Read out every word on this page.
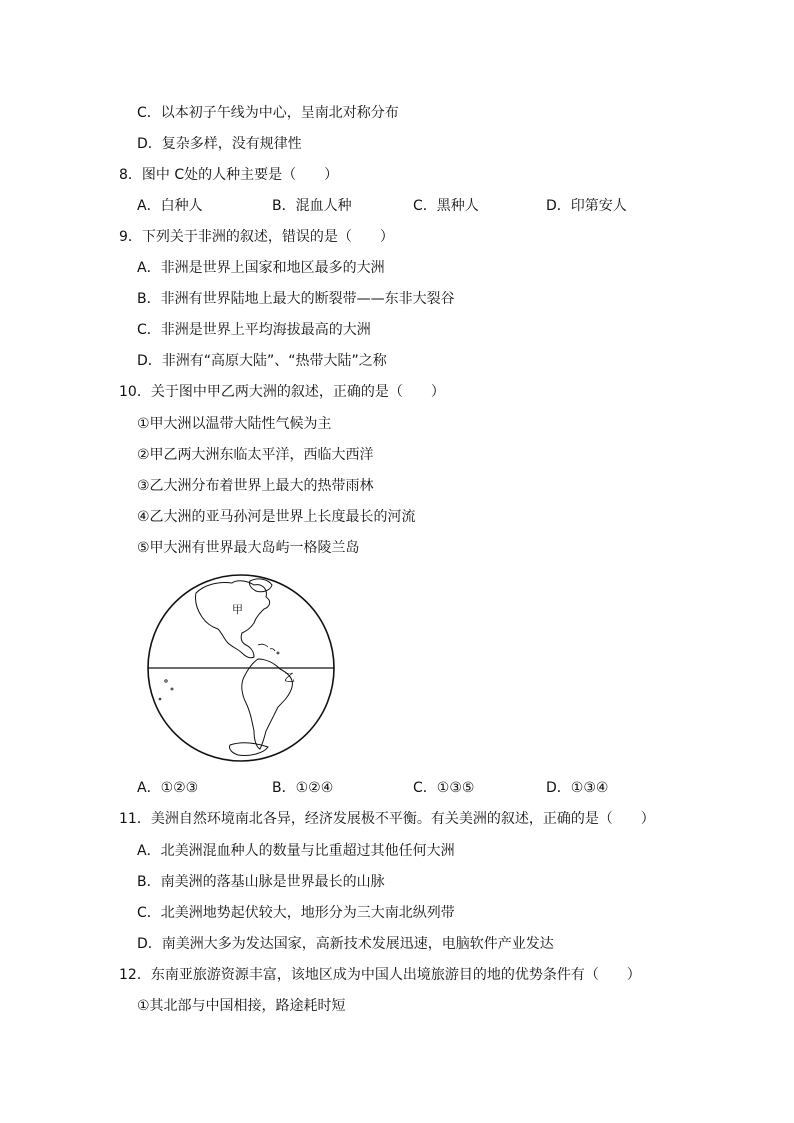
C．以本初子午线为中心，呈南北对称分布
D．复杂多样，没有规律性
8．图中 C处的人种主要是（　　）
A．白种人	B．混血人种	C．黑种人	D．印第安人
9．下列关于非洲的叙述，错误的是（　　）
A．非洲是世界上国家和地区最多的大洲
B．非洲有世界陆地上最大的断裂带——东非大裂谷
C．非洲是世界上平均海拔最高的大洲
D．非洲有“高原大陆”、“热带大陆”之称
10．关于图中甲乙两大洲的叙述，正确的是（　　）
①甲大洲以温带大陆性气候为主
②甲乙两大洲东临太平洋，西临大西洋
③乙大洲分布着世界上最大的热带雨林
④乙大洲的亚马孙河是世界上长度最长的河流
⑤甲大洲有世界最大岛屿一格陵兰岛
甲
乙
A．①②③	B．①②④	C．①③⑤	D．①③④
11．美洲自然环境南北各异，经济发展极不平衡。有关美洲的叙述，正确的是（　　）
A．北美洲混血种人的数量与比重超过其他任何大洲
B．南美洲的落基山脉是世界最长的山脉
C．北美洲地势起伏较大，地形分为三大南北纵列带
D．南美洲大多为发达国家，高新技术发展迅速，电脑软件产业发达
12．东南亚旅游资源丰富，该地区成为中国人出境旅游目的地的优势条件有（　　）
①其北部与中国相接，路途耗时短
